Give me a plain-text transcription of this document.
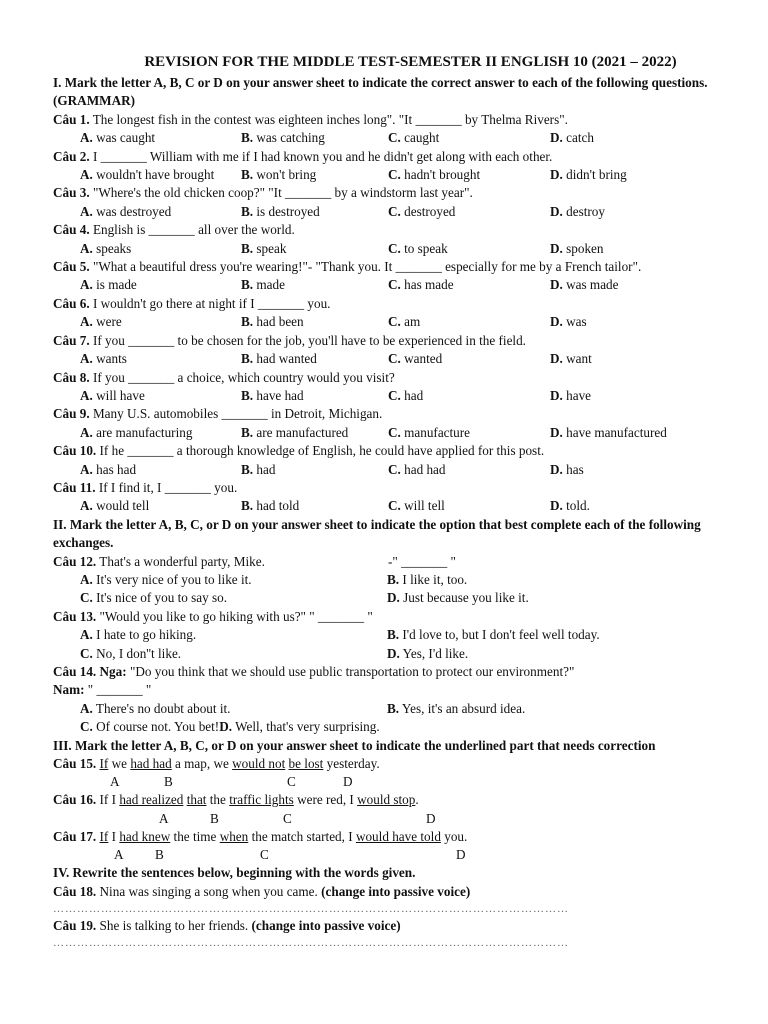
REVISION FOR THE MIDDLE TEST-SEMESTER II ENGLISH 10 (2021 – 2022)
I. Mark the letter A, B, C or D on your answer sheet to indicate the correct answer to each of the following questions. (GRAMMAR)
Câu 1. The longest fish in the contest was eighteen inches long". "It _______ by Thelma Rivers".
A. was caught	B. was catching	C. caught	D. catch
Câu 2. I _______ William with me if I had known you and he didn't get along with each other.
A. wouldn't have brought	B. won't bring	C. hadn't brought	D. didn't bring
Câu 3. "Where's the old chicken coop?" "It _______ by a windstorm last year".
A. was destroyed	B. is destroyed	C. destroyed	D. destroy
Câu 4. English is _______ all over the world.
A. speaks	B. speak	C. to speak	D. spoken
Câu 5. "What a beautiful dress you're wearing!"- "Thank you. It _______ especially for me by a French tailor".
A. is made	B. made	C. has made	D. was made
Câu 6. I wouldn't go there at night if I _______ you.
A. were	B. had been	C. am	D. was
Câu 7. If you _______ to be chosen for the job, you'll have to be experienced in the field.
A. wants	B. had wanted	C. wanted	D. want
Câu 8. If you _______ a choice, which country would you visit?
A. will have	B. have had	C. had	D. have
Câu 9. Many U.S. automobiles _______ in Detroit, Michigan.
A. are manufacturing	B. are manufactured	C. manufacture	D. have manufactured
Câu 10. If he _______ a thorough knowledge of English, he could have applied for this post.
A. has had	B. had	C. had had	D. has
Câu 11. If I find it, I _______ you.
A. would tell	B. had told	C. will tell	D. told.
II. Mark the letter A, B, C, or D on your answer sheet to indicate the option that best complete each of the following exchanges.
Câu 12. That's a wonderful party, Mike.	-" _______ "
A. It's very nice of you to like it.	B. I like it, too.
C. It's nice of you to say so.	D. Just because you like it.
Câu 13. "Would you like to go hiking with us?" " _______ "
A. I hate to go hiking.	B. I'd love to, but I don't feel well today.
C. No, I don''t like.	D. Yes, I'd like.
Câu 14. Nga: "Do you think that we should use public transportation to protect our environment?"
Nam: " _______ "
A. There's no doubt about it.	B. Yes, it's an absurd idea.
C. Of course not. You bet! D. Well, that's very surprising.
III. Mark the letter A, B, C, or D on your answer sheet to indicate the underlined part that needs correction
Câu 15. If we had had a map, we would not be lost yesterday.
A	B	C	D
Câu 16. If I had realized that the traffic lights were red, I would stop.
A	B	C	D
Câu 17. If I had knew the time when the match started, I would have told you.
A B	C	D
IV. Rewrite the sentences below, beginning with the words given.
Câu 18. Nina was singing a song when you came. (change into passive voice)
…………………………………………………………………………………………………………………
Câu 19. She is talking to her friends. (change into passive voice)
…………………………………………………………………………………………………………………
